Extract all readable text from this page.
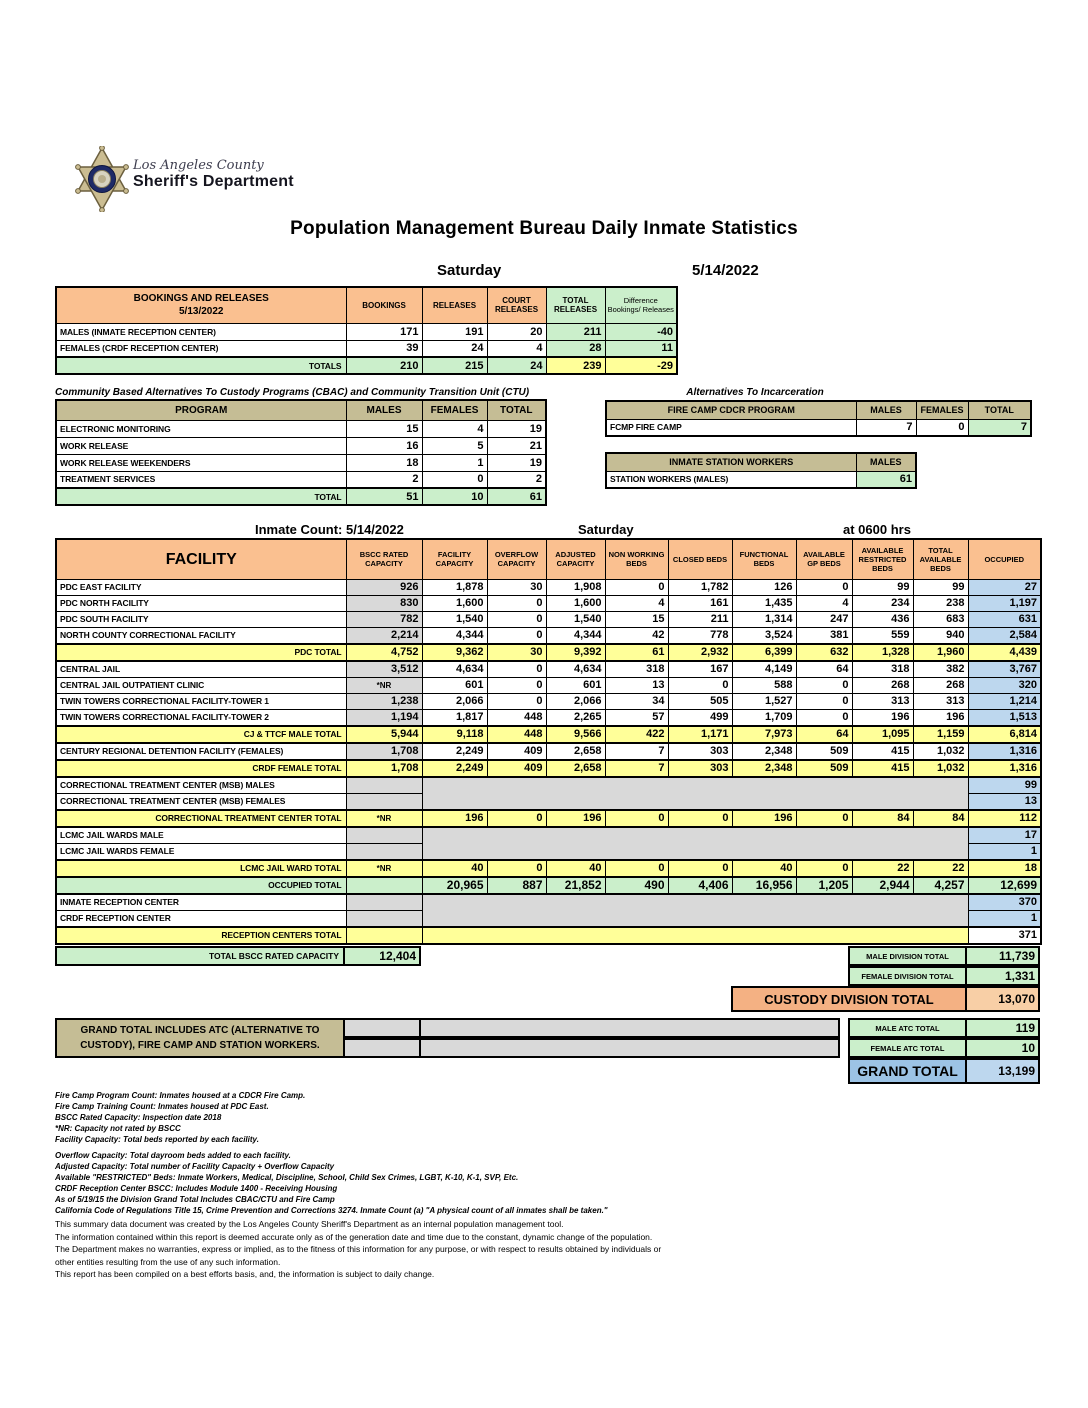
Los Angeles County
Sheriff's Department
Population Management Bureau Daily Inmate Statistics
Saturday	5/14/2022
BOOKINGS AND RELEASES
5/13/2022	BOOKINGS	RELEASES	COURT RELEASES	TOTAL RELEASES	Difference Bookings/ Releases
MALES (INMATE RECEPTION CENTER)	171	191	20	211	-40
FEMALES (CRDF RECEPTION CENTER)	39	24	4	28	11
TOTALS	210	215	24	239	-29
Community Based Alternatives To Custody Programs (CBAC) and Community Transition Unit (CTU)
PROGRAM	MALES	FEMALES	TOTAL
ELECTRONIC MONITORING	15	4	19
WORK RELEASE	16	5	21
WORK RELEASE WEEKENDERS	18	1	19
TREATMENT SERVICES	2	0	2
TOTAL	51	10	61
Alternatives To Incarceration
FIRE CAMP CDCR PROGRAM	MALES	FEMALES	TOTAL
FCMP FIRE CAMP	7	0	7
INMATE STATION WORKERS	MALES
STATION WORKERS (MALES)	61
Inmate Count: 5/14/2022	Saturday	at 0600 hrs
FACILITY	BSCC RATED CAPACITY	FACILITY CAPACITY	OVERFLOW CAPACITY	ADJUSTED CAPACITY	NON WORKING BEDS	CLOSED BEDS	FUNCTIONAL BEDS	AVAILABLE GP BEDS	AVAILABLE RESTRICTED BEDS	TOTAL AVAILABLE BEDS	OCCUPIED
PDC EAST FACILITY	926	1,878	30	1,908	0	1,782	126	0	99	99	27
PDC NORTH FACILITY	830	1,600	0	1,600	4	161	1,435	4	234	238	1,197
PDC SOUTH FACILITY	782	1,540	0	1,540	15	211	1,314	247	436	683	631
NORTH COUNTY CORRECTIONAL FACILITY	2,214	4,344	0	4,344	42	778	3,524	381	559	940	2,584
PDC TOTAL	4,752	9,362	30	9,392	61	2,932	6,399	632	1,328	1,960	4,439
CENTRAL JAIL	3,512	4,634	0	4,634	318	167	4,149	64	318	382	3,767
CENTRAL JAIL OUTPATIENT CLINIC	*NR	601	0	601	13	0	588	0	268	268	320
TWIN TOWERS CORRECTIONAL FACILITY-TOWER 1	1,238	2,066	0	2,066	34	505	1,527	0	313	313	1,214
TWIN TOWERS CORRECTIONAL FACILITY-TOWER 2	1,194	1,817	448	2,265	57	499	1,709	0	196	196	1,513
CJ & TTCF MALE TOTAL	5,944	9,118	448	9,566	422	1,171	7,973	64	1,095	1,159	6,814
CENTURY REGIONAL DETENTION FACILITY (FEMALES)	1,708	2,249	409	2,658	7	303	2,348	509	415	1,032	1,316
CRDF FEMALE TOTAL	1,708	2,249	409	2,658	7	303	2,348	509	415	1,032	1,316
CORRECTIONAL TREATMENT CENTER (MSB) MALES											99
CORRECTIONAL TREATMENT CENTER (MSB) FEMALES											13
CORRECTIONAL TREATMENT CENTER TOTAL	*NR	196	0	196	0	0	196	0	84	84	112
LCMC JAIL WARDS MALE											17
LCMC JAIL WARDS FEMALE											1
LCMC JAIL WARD TOTAL	*NR	40	0	40	0	0	40	0	22	22	18
OCCUPIED TOTAL		20,965	887	21,852	490	4,406	16,956	1,205	2,944	4,257	12,699
INMATE RECEPTION CENTER											370
CRDF RECEPTION CENTER											1
RECEPTION CENTERS TOTAL											371
TOTAL BSCC RATED CAPACITY	12,404	MALE DIVISION TOTAL	11,739
FEMALE DIVISION TOTAL	1,331
CUSTODY DIVISION TOTAL	13,070
GRAND TOTAL INCLUDES ATC (ALTERNATIVE TO CUSTODY), FIRE CAMP AND STATION WORKERS.
MALE ATC TOTAL	119
FEMALE ATC TOTAL	10
GRAND TOTAL	13,199
Fire Camp Program Count: Inmates housed at a CDCR Fire Camp.
Fire Camp Training Count: Inmates housed at PDC East.
BSCC Rated Capacity: Inspection date 2018
*NR: Capacity not rated by BSCC
Facility Capacity: Total beds reported by each facility.
Overflow Capacity: Total dayroom beds added to each facility.
Adjusted Capacity: Total number of Facility Capacity + Overflow Capacity
Available "RESTRICTED" Beds: Inmate Workers, Medical, Discipline, School, Child Sex Crimes, LGBT, K-10, K-1, SVP, Etc.
CRDF Reception Center BSCC: Includes Module 1400 - Receiving Housing
As of 5/19/15 the Division Grand Total Includes CBAC/CTU and Fire Camp
California Code of Regulations Title 15, Crime Prevention and Corrections 3274. Inmate Count (a) "A physical count of all inmates shall be taken."
This summary data document was created by the Los Angeles County Sheriff's Department as an internal population management tool.
The information contained within this report is deemed accurate only as of the generation date and time due to the constant, dynamic change of the population.
The Department makes no warranties, express or implied, as to the fitness of this information for any purpose, or with respect to results obtained by individuals or other entities resulting from the use of any such information.
This report has been compiled on a best efforts basis, and, the information is subject to daily change.
